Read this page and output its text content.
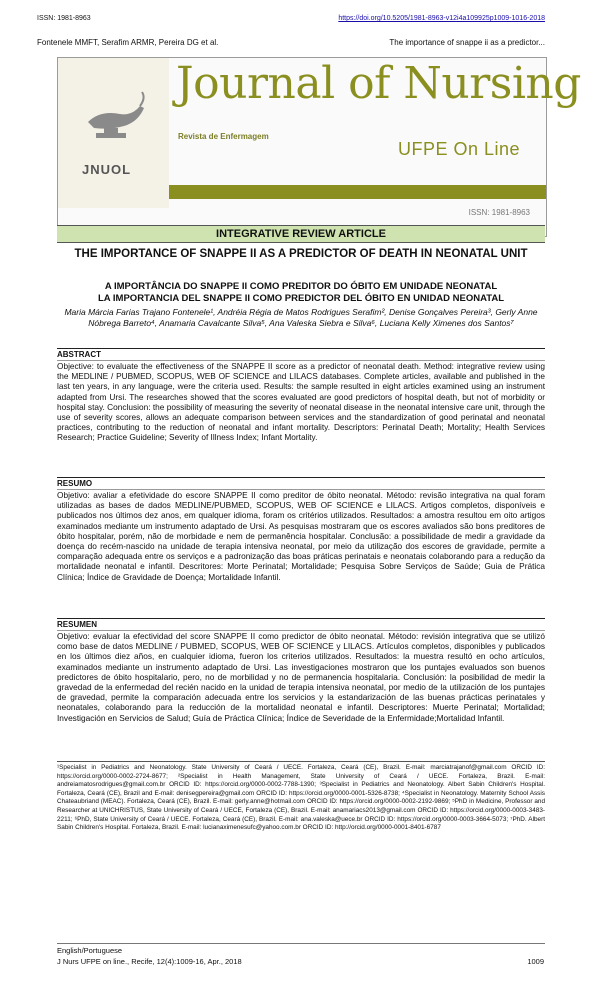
ISSN: 1981-8963	https://doi.org/10.5205/1981-8963-v12i4a109925p1009-1016-2018
Fontenele MMFT, Serafim ARMR, Pereira DG et al.	The importance of snappe ii as a predictor...
JNUOL
Journal of Nursing
Revista de Enfermagem
UFPE On Line
ISSN: 1981-8963
INTEGRATIVE REVIEW ARTICLE
THE IMPORTANCE OF SNAPPE II AS A PREDICTOR OF DEATH IN NEONATAL UNIT
A IMPORTÂNCIA DO SNAPPE II COMO PREDITOR DO ÓBITO EM UNIDADE NEONATAL
LA IMPORTANCIA DEL SNAPPE II COMO PREDICTOR DEL ÓBITO EN UNIDAD NEONATAL
Maria Márcia Farias Trajano Fontenele¹, Andréia Régia de Matos Rodrigues Serafim², Denise Gonçalves Pereira³, Gerly Anne Nóbrega Barreto⁴, Anamaria Cavalcante Silva⁵, Ana Valeska Siebra e Silva⁶, Luciana Kelly Ximenes dos Santos⁷
ABSTRACT
Objective: to evaluate the effectiveness of the SNAPPE II score as a predictor of neonatal death. Method: integrative review using the MEDLINE / PUBMED, SCOPUS, WEB OF SCIENCE and LILACS databases. Complete articles, available and published in the last ten years, in any language, were the criteria used. Results: the sample resulted in eight articles examined using an instrument adapted from Ursi. The researches showed that the scores evaluated are good predictors of hospital death, but not of morbidity or hospital stay. Conclusion: the possibility of measuring the severity of neonatal disease in the neonatal intensive care unit, through the use of severity scores, allows an adequate comparison between services and the standardization of good perinatal and neonatal practices, contributing to the reduction of neonatal and infant mortality. Descriptors: Perinatal Death; Mortality; Health Services Research; Practice Guideline; Severity of Illness Index; Infant Mortality.
RESUMO
Objetivo: avaliar a efetividade do escore SNAPPE II como preditor de óbito neonatal. Método: revisão integrativa na qual foram utilizadas as bases de dados MEDLINE/PUBMED, SCOPUS, WEB OF SCIENCE e LILACS. Artigos completos, disponíveis e publicados nos últimos dez anos, em qualquer idioma, foram os critérios utilizados. Resultados: a amostra resultou em oito artigos examinados mediante um instrumento adaptado de Ursi. As pesquisas mostraram que os escores avaliados são bons preditores de óbito hospitalar, porém, não de morbidade e nem de permanência hospitalar. Conclusão: a possibilidade de medir a gravidade da doença do recém-nascido na unidade de terapia intensiva neonatal, por meio da utilização dos escores de gravidade, permite a comparação adequada entre os serviços e a padronização das boas práticas perinatais e neonatais colaborando para a redução da mortalidade neonatal e infantil. Descritores: Morte Perinatal; Mortalidade; Pesquisa Sobre Serviços de Saúde; Guia de Prática Clínica; Índice de Gravidade de Doença; Mortalidade Infantil.
RESUMEN
Objetivo: evaluar la efectividad del score SNAPPE II como predictor de óbito neonatal. Método: revisión integrativa que se utilizó como base de datos MEDLINE / PUBMED, SCOPUS, WEB OF SCIENCE y LILACS. Artículos completos, disponibles y publicados en los últimos diez años, en cualquier idioma, fueron los criterios utilizados. Resultados: la muestra resultó en ocho artículos, examinados mediante un instrumento adaptado de Ursi. Las investigaciones mostraron que los puntajes evaluados son buenos predictores de óbito hospitalario, pero, no de morbilidad y no de permanencia hospitalaria. Conclusión: la posibilidad de medir la gravedad de la enfermedad del recién nacido en la unidad de terapia intensiva neonatal, por medio de la utilización de los puntajes de gravedad, permite la comparación adecuada entre los servicios y la estandarización de las buenas prácticas perinatales y neonatales, colaborando para la reducción de la mortalidad neonatal e infantil. Descriptores: Muerte Perinatal; Mortalidad; Investigación en Servicios de Salud; Guía de Práctica Clínica; Índice de Severidade de la Enfermidade;Mortalidad Infantil.
¹Specialist in Pediatrics and Neonatology. State University of Ceará / UECE. Fortaleza, Ceará (CE), Brazil. E-mail: marciatrajanof@gmail.com ORCID ID: https://orcid.org/0000-0002-2724-8677; ²Specialist in Health Management, State University of Ceará / UECE. Fortaleza, Brazil. E-mail: andreiamatosrodrigues@gmail.com.br ORCID ID: https://orcid.org/0000-0002-7788-1390; ³Specialist in Pediatrics and Neonatology. Albert Sabin Children's Hospital. Fortaleza, Ceará (CE), Brazil and E-mail: denisegpereira@gmail.com ORCID ID: https://orcid.org/0000-0001-5326-8738; ⁴Specialist in Neonatology. Maternity School Assis Chateaubriand (MEAC). Fortaleza, Ceará (CE), Brazil. E-mail: gerly.anne@hotmail.com ORCID ID: https://orcid.org/0000-0002-2192-9869; ⁵PhD in Medicine, Professor and Researcher at UNICHRISTUS, State University of Ceará / UECE, Fortaleza (CE), Brazil. E-mail: anamariacs2013@gmail.com ORCID ID: https://orcid.org/0000-0003-3483-2211; ⁶PhD, State University of Ceará / UECE. Fortaleza, Ceará (CE), Brazil. E-mail: ana.valeska@uece.br ORCID ID: https://orcid.org/0000-0003-3664-5073; ⁷PhD. Albert Sabin Children's Hospital. Fortaleza, Brazil. E-mail: lucianaximenesufc@yahoo.com.br ORCID ID: http://orcid.org/0000-0001-8401-6787
English/Portuguese
J Nurs UFPE on line., Recife, 12(4):1009-16, Apr., 2018	1009
